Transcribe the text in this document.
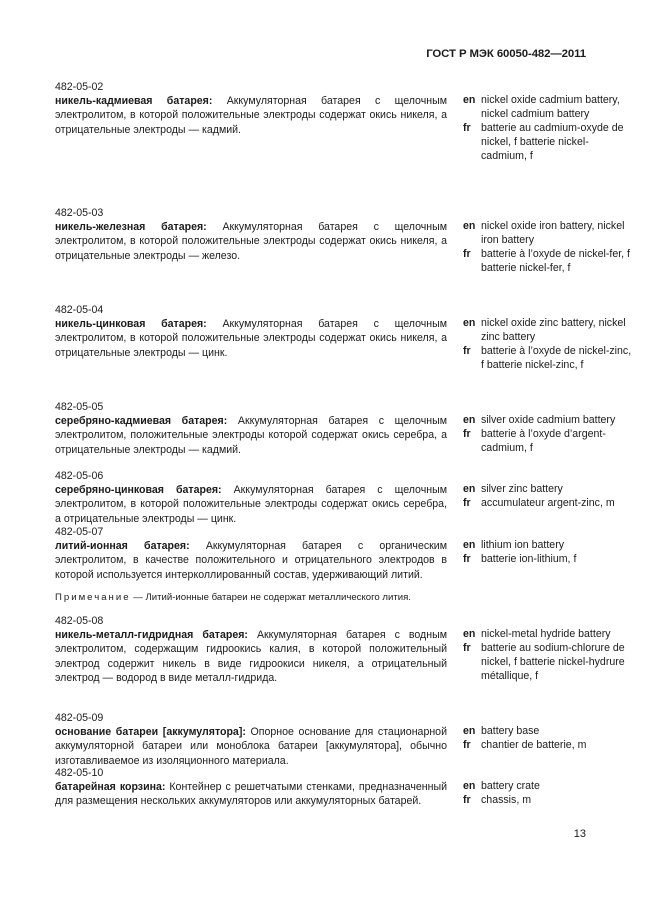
ГОСТ Р МЭК 60050-482—2011
482-05-02
никель-кадмиевая батарея: Аккумуляторная батарея с щелочным электролитом, в которой положительные электроды содержат окись никеля, а отрицательные электроды — кадмий.
en nickel oxide cadmium battery, nickel cadmium battery
fr batterie au cadmium-oxyde de nickel, f batterie nickel-cadmium, f
482-05-03
никель-железная батарея: Аккумуляторная батарея с щелочным электролитом, в которой положительные электроды содержат окись никеля, а отрицательные электроды — железо.
en nickel oxide iron battery, nickel iron battery
fr batterie à l’oxyde de nickel-fer, f batterie nickel-fer, f
482-05-04
никель-цинковая батарея: Аккумуляторная батарея с щелочным электролитом, в которой положительные электроды содержат окись никеля, а отрицательные электроды — цинк.
en nickel oxide zinc battery, nickel zinc battery
fr batterie à l’oxyde de nickel-zinc, f batterie nickel-zinc, f
482-05-05
серебряно-кадмиевая батарея: Аккумуляторная батарея с щелочным электролитом, положительные электроды которой содержат окись серебра, а отрицательные электроды — кадмий.
en silver oxide cadmium battery
fr batterie à l’oxyde d’argent-cadmium, f
482-05-06
серебряно-цинковая батарея: Аккумуляторная батарея с щелочным электролитом, в которой положительные электроды содержат окись серебра, а отрицательные электроды — цинк.
en silver zinc battery
fr accumulateur argent-zinc, m
482-05-07
литий-ионная батарея: Аккумуляторная батарея с органическим электролитом, в качестве положительного и отрицательного электродов в которой используется интерколлированный состав, удерживающий литий.
en lithium ion battery
fr batterie ion-lithium, f
Примечание — Литий-ионные батареи не содержат металлического лития.
482-05-08
никель-металл-гидридная батарея: Аккумуляторная батарея с водным электролитом, содержащим гидроокись калия, в которой положительный электрод содержит никель в виде гидроокиси никеля, а отрицательный электрод — водород в виде металл-гидрида.
en nickel-metal hydride battery
fr batterie au sodium-chlorure de nickel, f batterie nickel-hydrure métallique, f
482-05-09
основание батареи [аккумулятора]: Опорное основание для стационарной аккумуляторной батареи или моноблока батареи [аккумулятора], обычно изготавливаемое из изоляционного материала.
en battery base
fr chantier de batterie, m
482-05-10
батарейная корзина: Контейнер с решетчатыми стенками, предназначенный для размещения нескольких аккумуляторов или аккумуляторных батарей.
en battery crate
fr chassis, m
13
